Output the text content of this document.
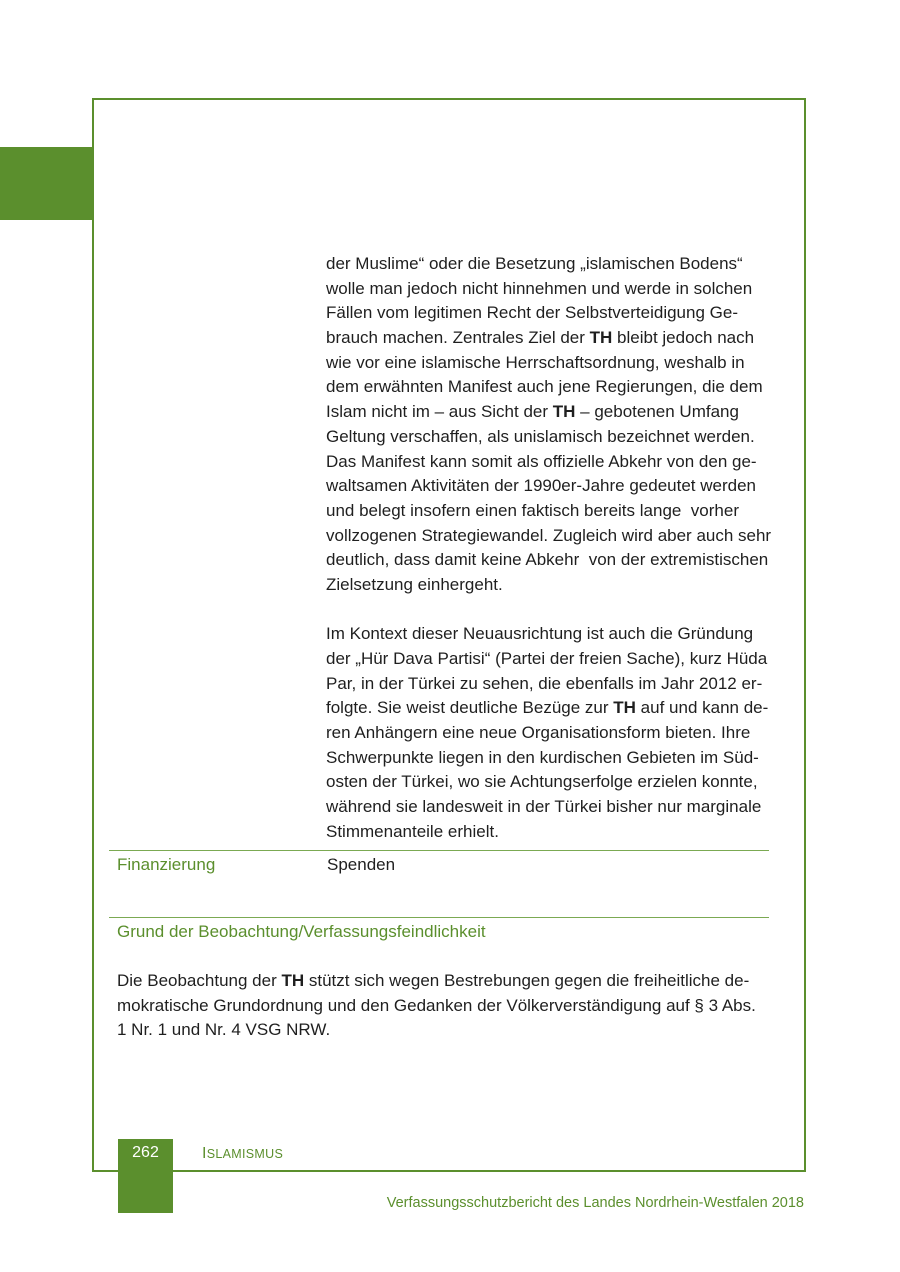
der Muslime“ oder die Besetzung „islamischen Bodens“
wolle man jedoch nicht hinnehmen und werde in solchen
Fällen vom legitimen Recht der Selbstverteidigung Ge-
brauch machen. Zentrales Ziel der TH bleibt jedoch nach
wie vor eine islamische Herrschaftsordnung, weshalb in
dem erwähnten Manifest auch jene Regierungen, die dem
Islam nicht im – aus Sicht der TH – gebotenen Umfang
Geltung verschaffen, als unislamisch bezeichnet werden.
Das Manifest kann somit als offizielle Abkehr von den ge-
waltsamen Aktivitäten der 1990er-Jahre gedeutet werden
und belegt insofern einen faktisch bereits lange  vorher
vollzogenen Strategiewandel. Zugleich wird aber auch sehr
deutlich, dass damit keine Abkehr  von der extremistischen
Zielsetzung einhergeht.
Im Kontext dieser Neuausrichtung ist auch die Gründung
der „Hür Dava Partisi“ (Partei der freien Sache), kurz Hüda
Par, in der Türkei zu sehen, die ebenfalls im Jahr 2012 er-
folgte. Sie weist deutliche Bezüge zur TH auf und kann de-
ren Anhängern eine neue Organisationsform bieten. Ihre
Schwerpunkte liegen in den kurdischen Gebieten im Süd-
osten der Türkei, wo sie Achtungserfolge erzielen konnte,
während sie landesweit in der Türkei bisher nur marginale
Stimmenanteile erhielt.
Finanzierung	Spenden
Grund der Beobachtung/Verfassungsfeindlichkeit
Die Beobachtung der TH stützt sich wegen Bestrebungen gegen die freiheitliche de-
mokratische Grundordnung und den Gedanken der Völkerverständigung auf § 3 Abs.
1 Nr. 1 und Nr. 4 VSG NRW.
262	ISLAMISMUS
Verfassungsschutzbericht des Landes Nordrhein-Westfalen 2018
